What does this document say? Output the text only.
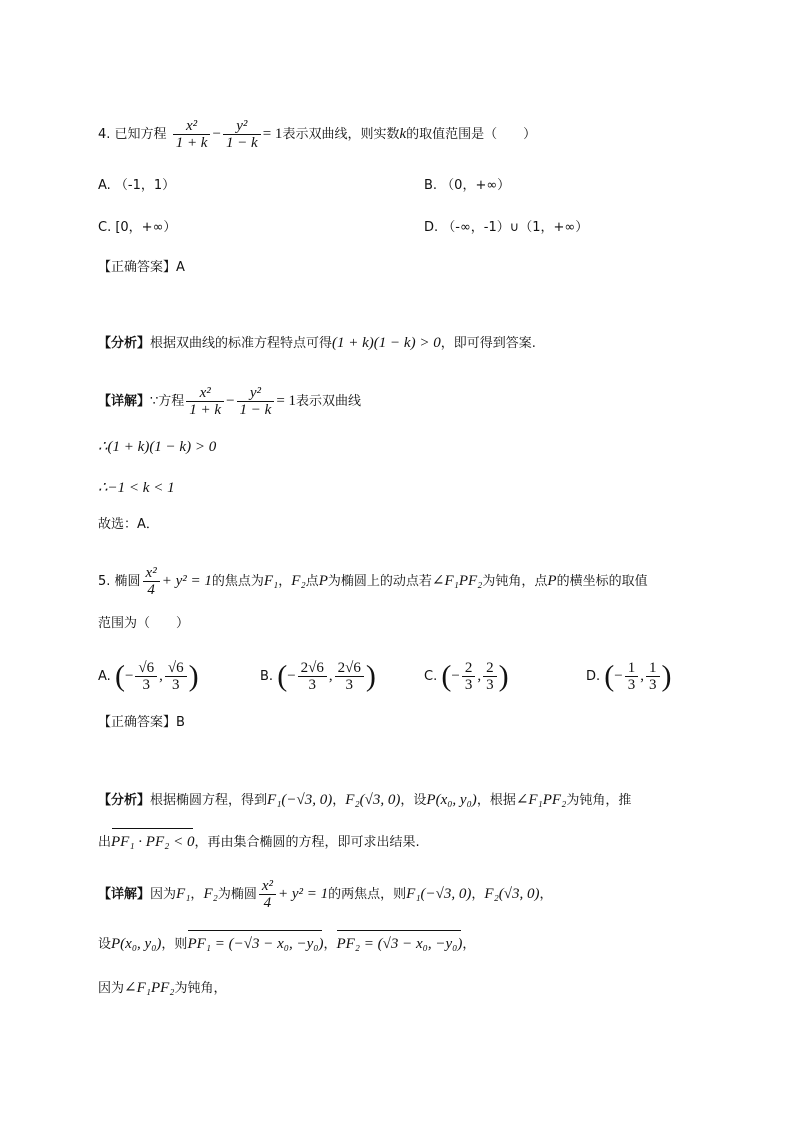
4. 已知方程 $\frac{\text{x²}}{1 + k} - \frac{\text{y²}}{1 - k} = 1$表示双曲线，则实数k的取值范围是（　　）
A. （-1，1）	B. （0，+∞）
C. [0，+∞）	D. （-∞，-1）∪（1，+∞）
【正确答案】A
【分析】根据双曲线的标准方程特点可得(1 + k)(1 − k) > 0，即可得到答案.
【详解】∵方程 $\frac{\text{x²}}{1 + k} - \frac{\text{y²}}{1 - k} = 1$表示双曲线
∴(1 + k)(1 − k) > 0
∴−1 < k < 1
故选：A．
5. 椭圆 $\frac{\text{x²}}{4} + y^2 = 1$的焦点为F₁，F₂点P为椭圆上的动点若∠F₁PF₂为钝角，点P的横坐标的取值
范围为（　　）
A. (− $\frac{√6}{3}$ , $\frac{√6}{3}$ )	B. (− $\frac{2√6}{3}$ , $\frac{2√6}{3}$ )	C. (− $\frac{2}{3}$ , $\frac{2}{3}$ )	D. (− $\frac{1}{3}$ , $\frac{1}{3}$ )
【正确答案】B
【分析】根据椭圆方程，得到F₁(−√3, 0)，F₂(√3, 0)，设P(x₀, y₀)，根据∠F₁PF₂为钝角，推
出PF₁ · PF₂ < 0，再由集合椭圆的方程，即可求出结果.
【详解】因为F₁，F₂为椭圆 $\frac{\text{x²}}{4} + y^2 = 1$的两焦点，则F₁(−√3, 0)，F₂(√3, 0)，
设P(x₀, y₀)，则PF₁ = (−√3 − x₀, −y₀)，PF₂ = (√3 − x₀, −y₀)，
因为∠F₁PF₂为钝角，
